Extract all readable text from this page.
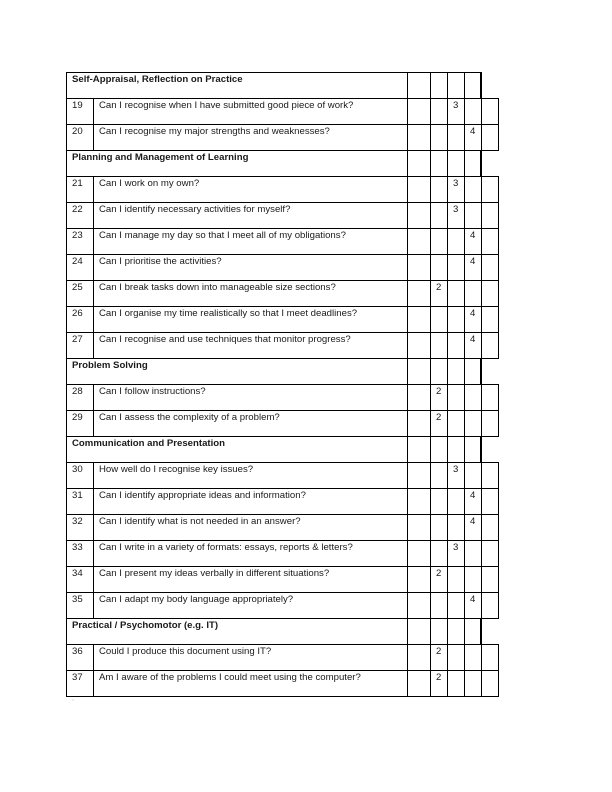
Self-Appraisal, Reflection on Practice
19	Can I recognise when I have submitted good piece of work?	3
20	Can I recognise my major strengths and weaknesses?	4
Planning and Management of Learning
21	Can I work on my own?	3
22	Can I identify necessary activities for myself?	3
23	Can I manage my day so that I meet all of my obligations?	4
24	Can I prioritise the activities?	4
25	Can I break tasks down into manageable size sections?	2
26	Can I organise my time realistically so that I meet deadlines?	4
27	Can I recognise and use techniques that monitor progress?	4
Problem Solving
28	Can I follow instructions?	2
29	Can I assess the complexity of a problem?	2
Communication and Presentation
30	How well do I recognise key issues?	3
31	Can I identify appropriate ideas and information?	4
32	Can I identify what is not needed in an answer?	4
33	Can I write in a variety of formats: essays, reports & letters?	3
34	Can I present my ideas verbally in different situations?	2
35	Can I adapt my body language appropriately?	4
Practical / Psychomotor (e.g. IT)
36	Could I produce this document using IT?	2
37	Am I aware of the problems I could meet using the computer?	2
`
